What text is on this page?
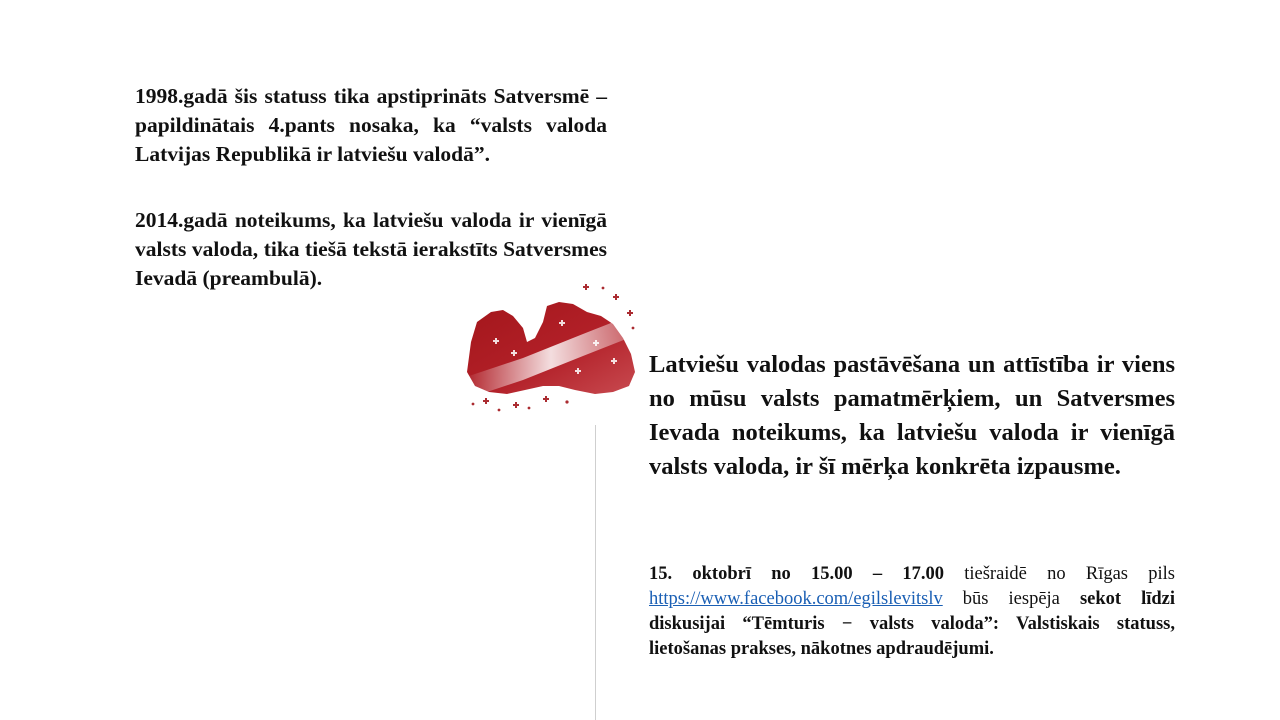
1998.gadā šis statuss tika apstiprināts Satversmē – papildinātais 4.pants nosaka, ka “valsts valoda Latvijas Republikā ir latviešu valodā”.

2014.gadā noteikums, ka latviešu valoda ir vienīgā valsts valoda, tika tiešā tekstā ierakstīts Satversmes Ievadā (preambulā).

Latviešu valodas pastāvēšana un attīstība ir viens no mūsu valsts pamatmērķiem, un Satversmes Ievada noteikums, ka latviešu valoda ir vienīgā valsts valoda, ir šī mērķa konkrēta izpausme.

15. oktobrī no 15.00 – 17.00 tiešraidē no Rīgas pils https://www.facebook.com/egilslevitslv būs iespēja sekot līdzi diskusijai “Tēmturis − valsts valoda”: Valstiskais statuss, lietošanas prakses, nākotnes apdraudējumi.
